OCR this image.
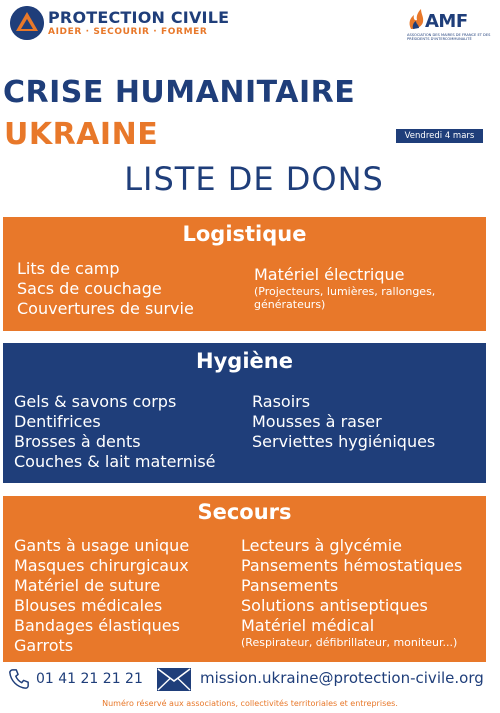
PROTECTION CIVILE
AIDER · SECOURIR · FORMER	AMF
ASSOCIATION DES MAIRES DE FRANCE ET DES PRÉSIDENTS D'INTERCOMMUNALITÉ
CRISE HUMANITAIRE
UKRAINE	Vendredi 4 mars
LISTE DE DONS
Logistique
Lits de camp
Sacs de couchage
Couvertures de survie
Matériel électrique
(Projecteurs, lumières, rallonges, générateurs)
Hygiène
Gels & savons corps
Dentifrices
Brosses à dents
Couches & lait maternisé
Rasoirs
Mousses à raser
Serviettes hygiéniques
Secours
Gants à usage unique
Masques chirurgicaux
Matériel de suture
Blouses médicales
Bandages élastiques
Garrots
Lecteurs à glycémie
Pansements hémostatiques
Pansements
Solutions antiseptiques
Matériel médical
(Respirateur, défibrillateur, moniteur...)
01 41 21 21 21	mission.ukraine@protection-civile.org
Numéro réservé aux associations, collectivités territoriales et entreprises.
